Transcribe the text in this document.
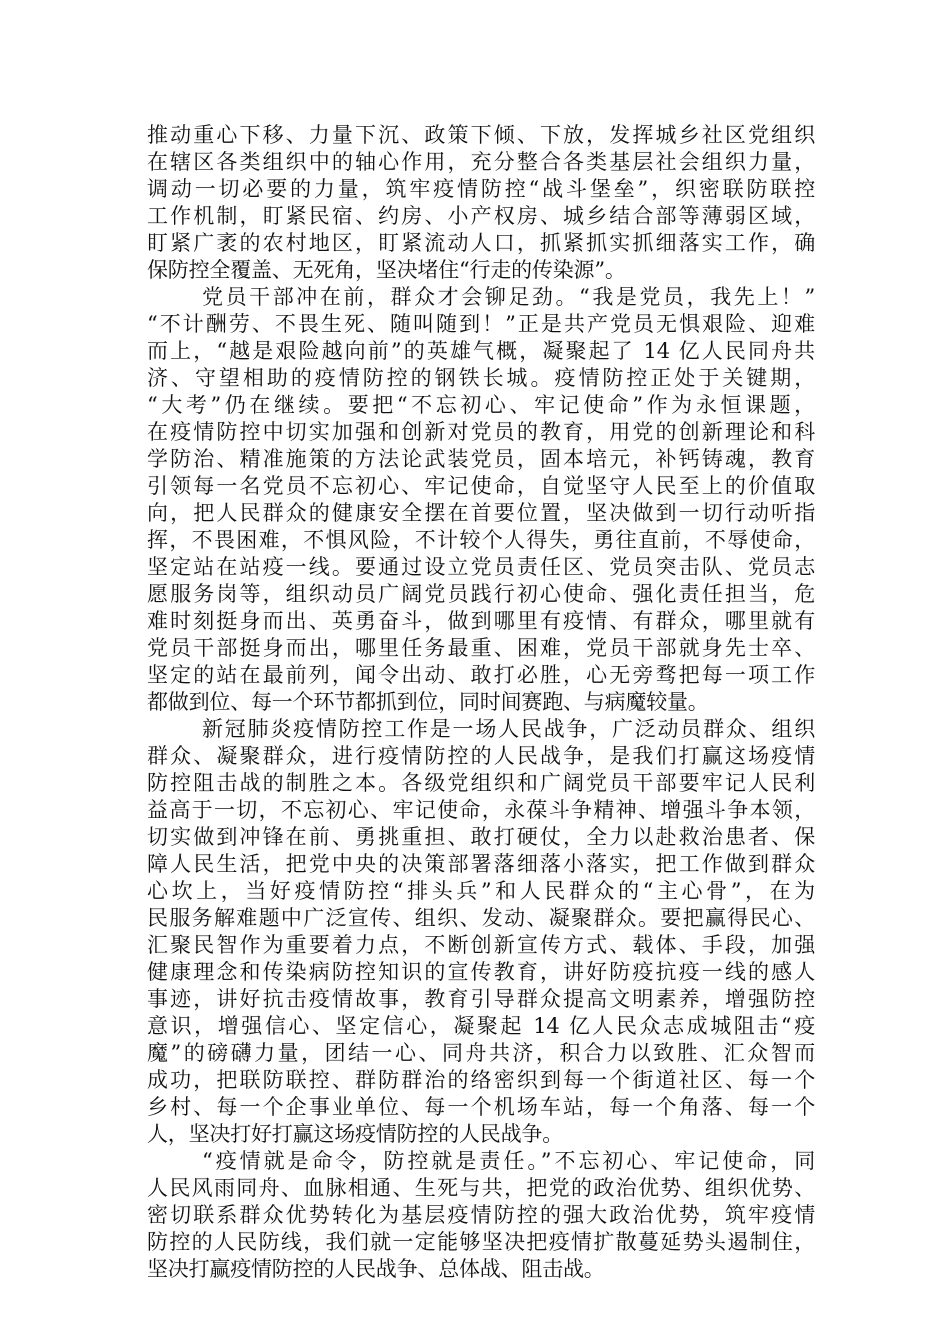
推动重心下移、力量下沉、政策下倾、下放，发挥城乡社区党组织
在辖区各类组织中的轴心作用，充分整合各类基层社会组织力量，
调动一切必要的力量，筑牢疫情防控“战斗堡垒”，织密联防联控
工作机制，盯紧民宿、约房、小产权房、城乡结合部等薄弱区域，
盯紧广袤的农村地区，盯紧流动人口，抓紧抓实抓细落实工作，确
保防控全覆盖、无死角，坚决堵住“行走的传染源”。
党员干部冲在前，群众才会铆足劲。“我是党员，我先上！”
“不计酬劳、不畏生死、随叫随到！”正是共产党员无惧艰险、迎难
而上，“越是艰险越向前”的英雄气概，凝聚起了 14 亿人民同舟共
济、守望相助的疫情防控的钢铁长城。疫情防控正处于关键期，
“大考”仍在继续。要把“不忘初心、牢记使命”作为永恒课题，
在疫情防控中切实加强和创新对党员的教育，用党的创新理论和科
学防治、精准施策的方法论武装党员，固本培元，补钙铸魂，教育
引领每一名党员不忘初心、牢记使命，自觉坚守人民至上的价值取
向，把人民群众的健康安全摆在首要位置，坚决做到一切行动听指
挥，不畏困难，不惧风险，不计较个人得失，勇往直前，不辱使命，
坚定站在站疫一线。要通过设立党员责任区、党员突击队、党员志
愿服务岗等，组织动员广阔党员践行初心使命、强化责任担当，危
难时刻挺身而出、英勇奋斗，做到哪里有疫情、有群众，哪里就有
党员干部挺身而出，哪里任务最重、困难，党员干部就身先士卒、
坚定的站在最前列，闻令出动、敢打必胜，心无旁骛把每一项工作
都做到位、每一个环节都抓到位，同时间赛跑、与病魔较量。
新冠肺炎疫情防控工作是一场人民战争，广泛动员群众、组织
群众、凝聚群众，进行疫情防控的人民战争，是我们打赢这场疫情
防控阻击战的制胜之本。各级党组织和广阔党员干部要牢记人民利
益高于一切，不忘初心、牢记使命，永葆斗争精神、增强斗争本领，
切实做到冲锋在前、勇挑重担、敢打硬仗，全力以赴救治患者、保
障人民生活，把党中央的决策部署落细落小落实，把工作做到群众
心坎上，当好疫情防控“排头兵”和人民群众的“主心骨”，在为
民服务解难题中广泛宣传、组织、发动、凝聚群众。要把赢得民心、
汇聚民智作为重要着力点，不断创新宣传方式、载体、手段，加强
健康理念和传染病防控知识的宣传教育，讲好防疫抗疫一线的感人
事迹，讲好抗击疫情故事，教育引导群众提高文明素养，增强防控
意识，增强信心、坚定信心，凝聚起 14 亿人民众志成城阻击“疫
魔”的磅礴力量，团结一心、同舟共济，积合力以致胜、汇众智而
成功，把联防联控、群防群治的络密织到每一个街道社区、每一个
乡村、每一个企事业单位、每一个机场车站，每一个角落、每一个
人，坚决打好打赢这场疫情防控的人民战争。
“疫情就是命令，防控就是责任。”不忘初心、牢记使命，同
人民风雨同舟、血脉相通、生死与共，把党的政治优势、组织优势、
密切联系群众优势转化为基层疫情防控的强大政治优势，筑牢疫情
防控的人民防线，我们就一定能够坚决把疫情扩散蔓延势头遏制住，
坚决打赢疫情防控的人民战争、总体战、阻击战。
